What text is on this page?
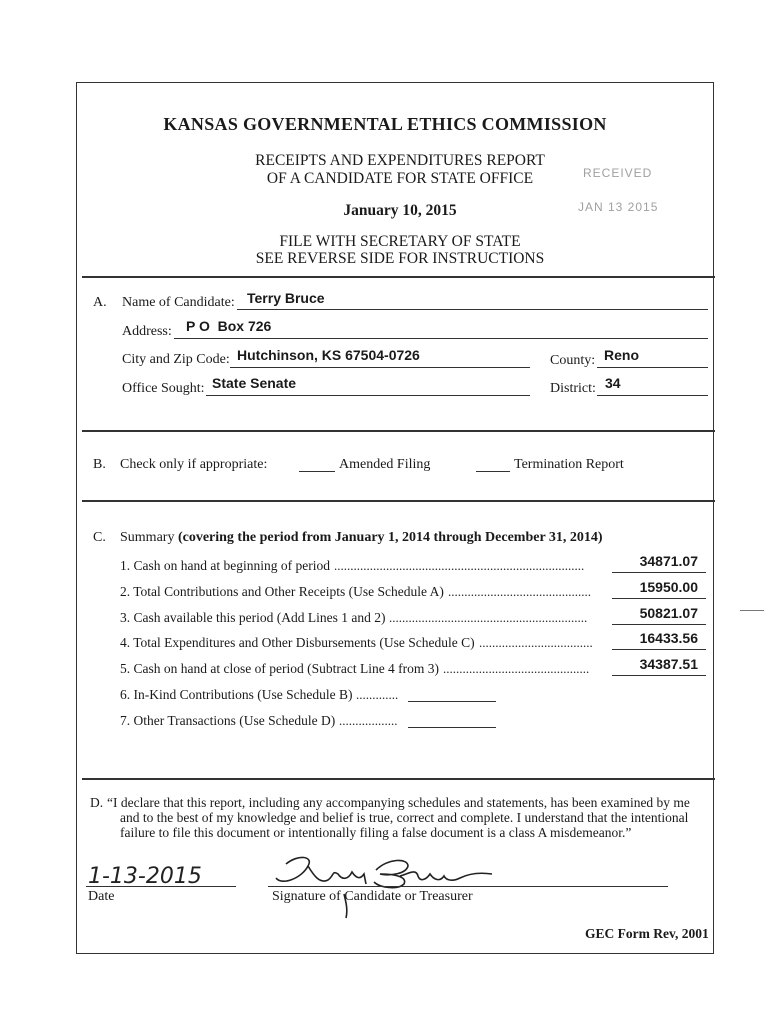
KANSAS GOVERNMENTAL ETHICS COMMISSION
RECEIPTS AND EXPENDITURES REPORT
OF A CANDIDATE FOR STATE OFFICE
January 10, 2015
FILE WITH SECRETARY OF STATE
SEE REVERSE SIDE FOR INSTRUCTIONS
RECEIVED
JAN 13 2015
A. Name of Candidate: Terry Bruce
Address: P O  Box 726
City and Zip Code: Hutchinson, KS 67504-0726	County: Reno
Office Sought: State Senate	District: 34
B. Check only if appropriate:	Amended Filing	Termination Report
C. Summary (covering the period from January 1, 2014 through December 31, 2014)
1. Cash on hand at beginning of period .............................................................................	34871.07
2. Total Contributions and Other Receipts (Use Schedule A) ............................................	15950.00
3. Cash available this period (Add Lines 1 and 2) .............................................................	50821.07
4. Total Expenditures and Other Disbursements (Use Schedule C) ...................................	16433.56
5. Cash on hand at close of period (Subtract Line 4 from 3) .............................................	34387.51
6. In-Kind Contributions (Use Schedule B) .............
7. Other Transactions (Use Schedule D) ..................
D. “I declare that this report, including any accompanying schedules and statements, has been examined by me
and to the best of my knowledge and belief is true, correct and complete. I understand that the intentional
failure to file this document or intentionally filing a false document is a class A misdemeanor.”
1-13-2015
Date	Signature of Candidate or Treasurer
GEC Form Rev, 2001
